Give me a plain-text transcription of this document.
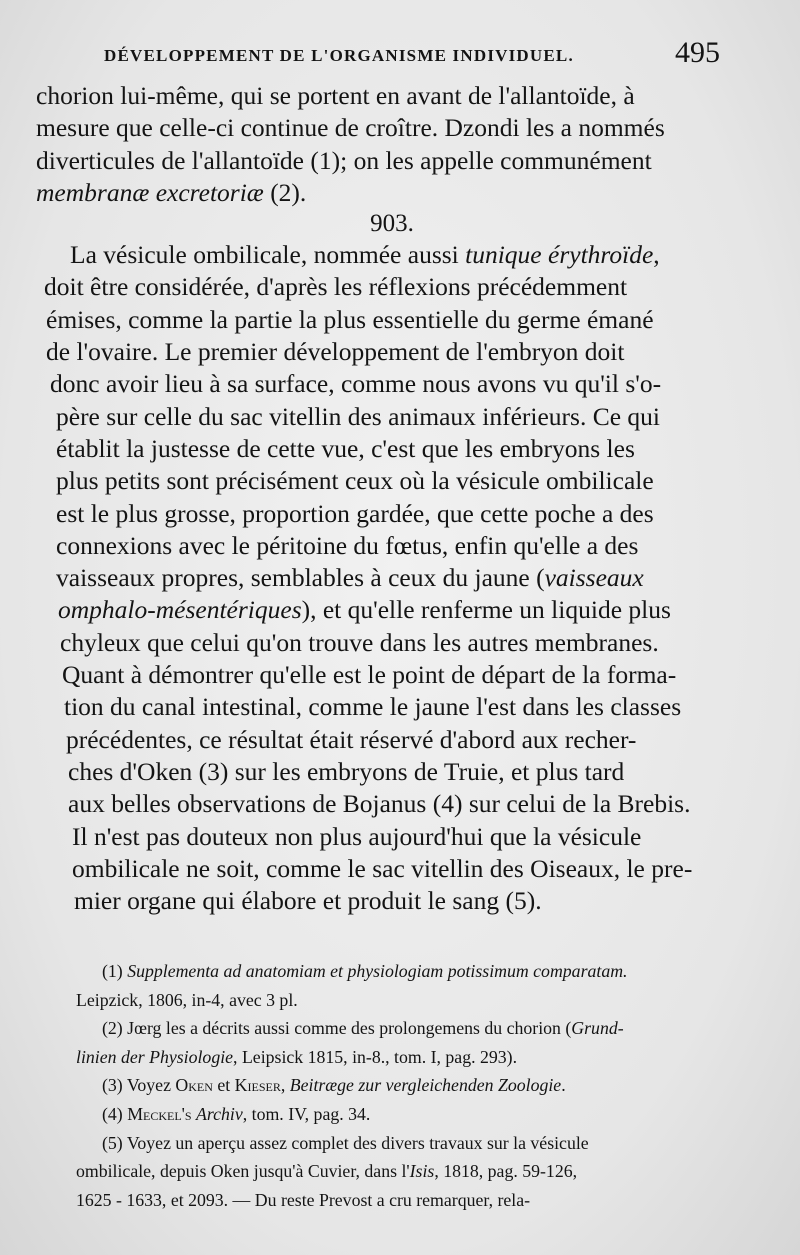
DÉVELOPPEMENT DE L'ORGANISME INDIVIDUEL.	495
chorion lui-même, qui se portent en avant de l'allantoïde, à
mesure que celle-ci continue de croître. Dzondi les a nommés
diverticules de l'allantoïde (1); on les appelle communément
membranæ excretoriæ (2).
903.
La vésicule ombilicale, nommée aussi tunique érythroïde,
doit être considérée, d'après les réflexions précédemment
émises, comme la partie la plus essentielle du germe émané
de l'ovaire. Le premier développement de l'embryon doit
donc avoir lieu à sa surface, comme nous avons vu qu'il s'o-
père sur celle du sac vitellin des animaux inférieurs. Ce qui
établit la justesse de cette vue, c'est que les embryons les
plus petits sont précisément ceux où la vésicule ombilicale
est le plus grosse, proportion gardée, que cette poche a des
connexions avec le péritoine du fœtus, enfin qu'elle a des
vaisseaux propres, semblables à ceux du jaune (vaisseaux
omphalo-mésentériques), et qu'elle renferme un liquide plus
chyleux que celui qu'on trouve dans les autres membranes.
Quant à démontrer qu'elle est le point de départ de la forma-
tion du canal intestinal, comme le jaune l'est dans les classes
précédentes, ce résultat était réservé d'abord aux recher-
ches d'Oken (3) sur les embryons de Truie, et plus tard
aux belles observations de Bojanus (4) sur celui de la Brebis.
Il n'est pas douteux non plus aujourd'hui que la vésicule
ombilicale ne soit, comme le sac vitellin des Oiseaux, le pre-
mier organe qui élabore et produit le sang (5).
(1) Supplementa ad anatomiam et physiologiam potissimum comparatam.
Leipzick, 1806, in-4, avec 3 pl.
(2) Jœrg les a décrits aussi comme des prolongemens du chorion (Grund-
linien der Physiologie, Leipsick 1815, in-8., tom. I, pag. 293).
(3) Voyez Oken et Kieser, Beitræge zur vergleichenden Zoologie.
(4) Meckel's Archiv, tom. IV, pag. 34.
(5) Voyez un aperçu assez complet des divers travaux sur la vésicule
ombilicale, depuis Oken jusqu'à Cuvier, dans l'Isis, 1818, pag. 59-126,
1625 - 1633, et 2093. — Du reste Prevost a cru remarquer, rela-
